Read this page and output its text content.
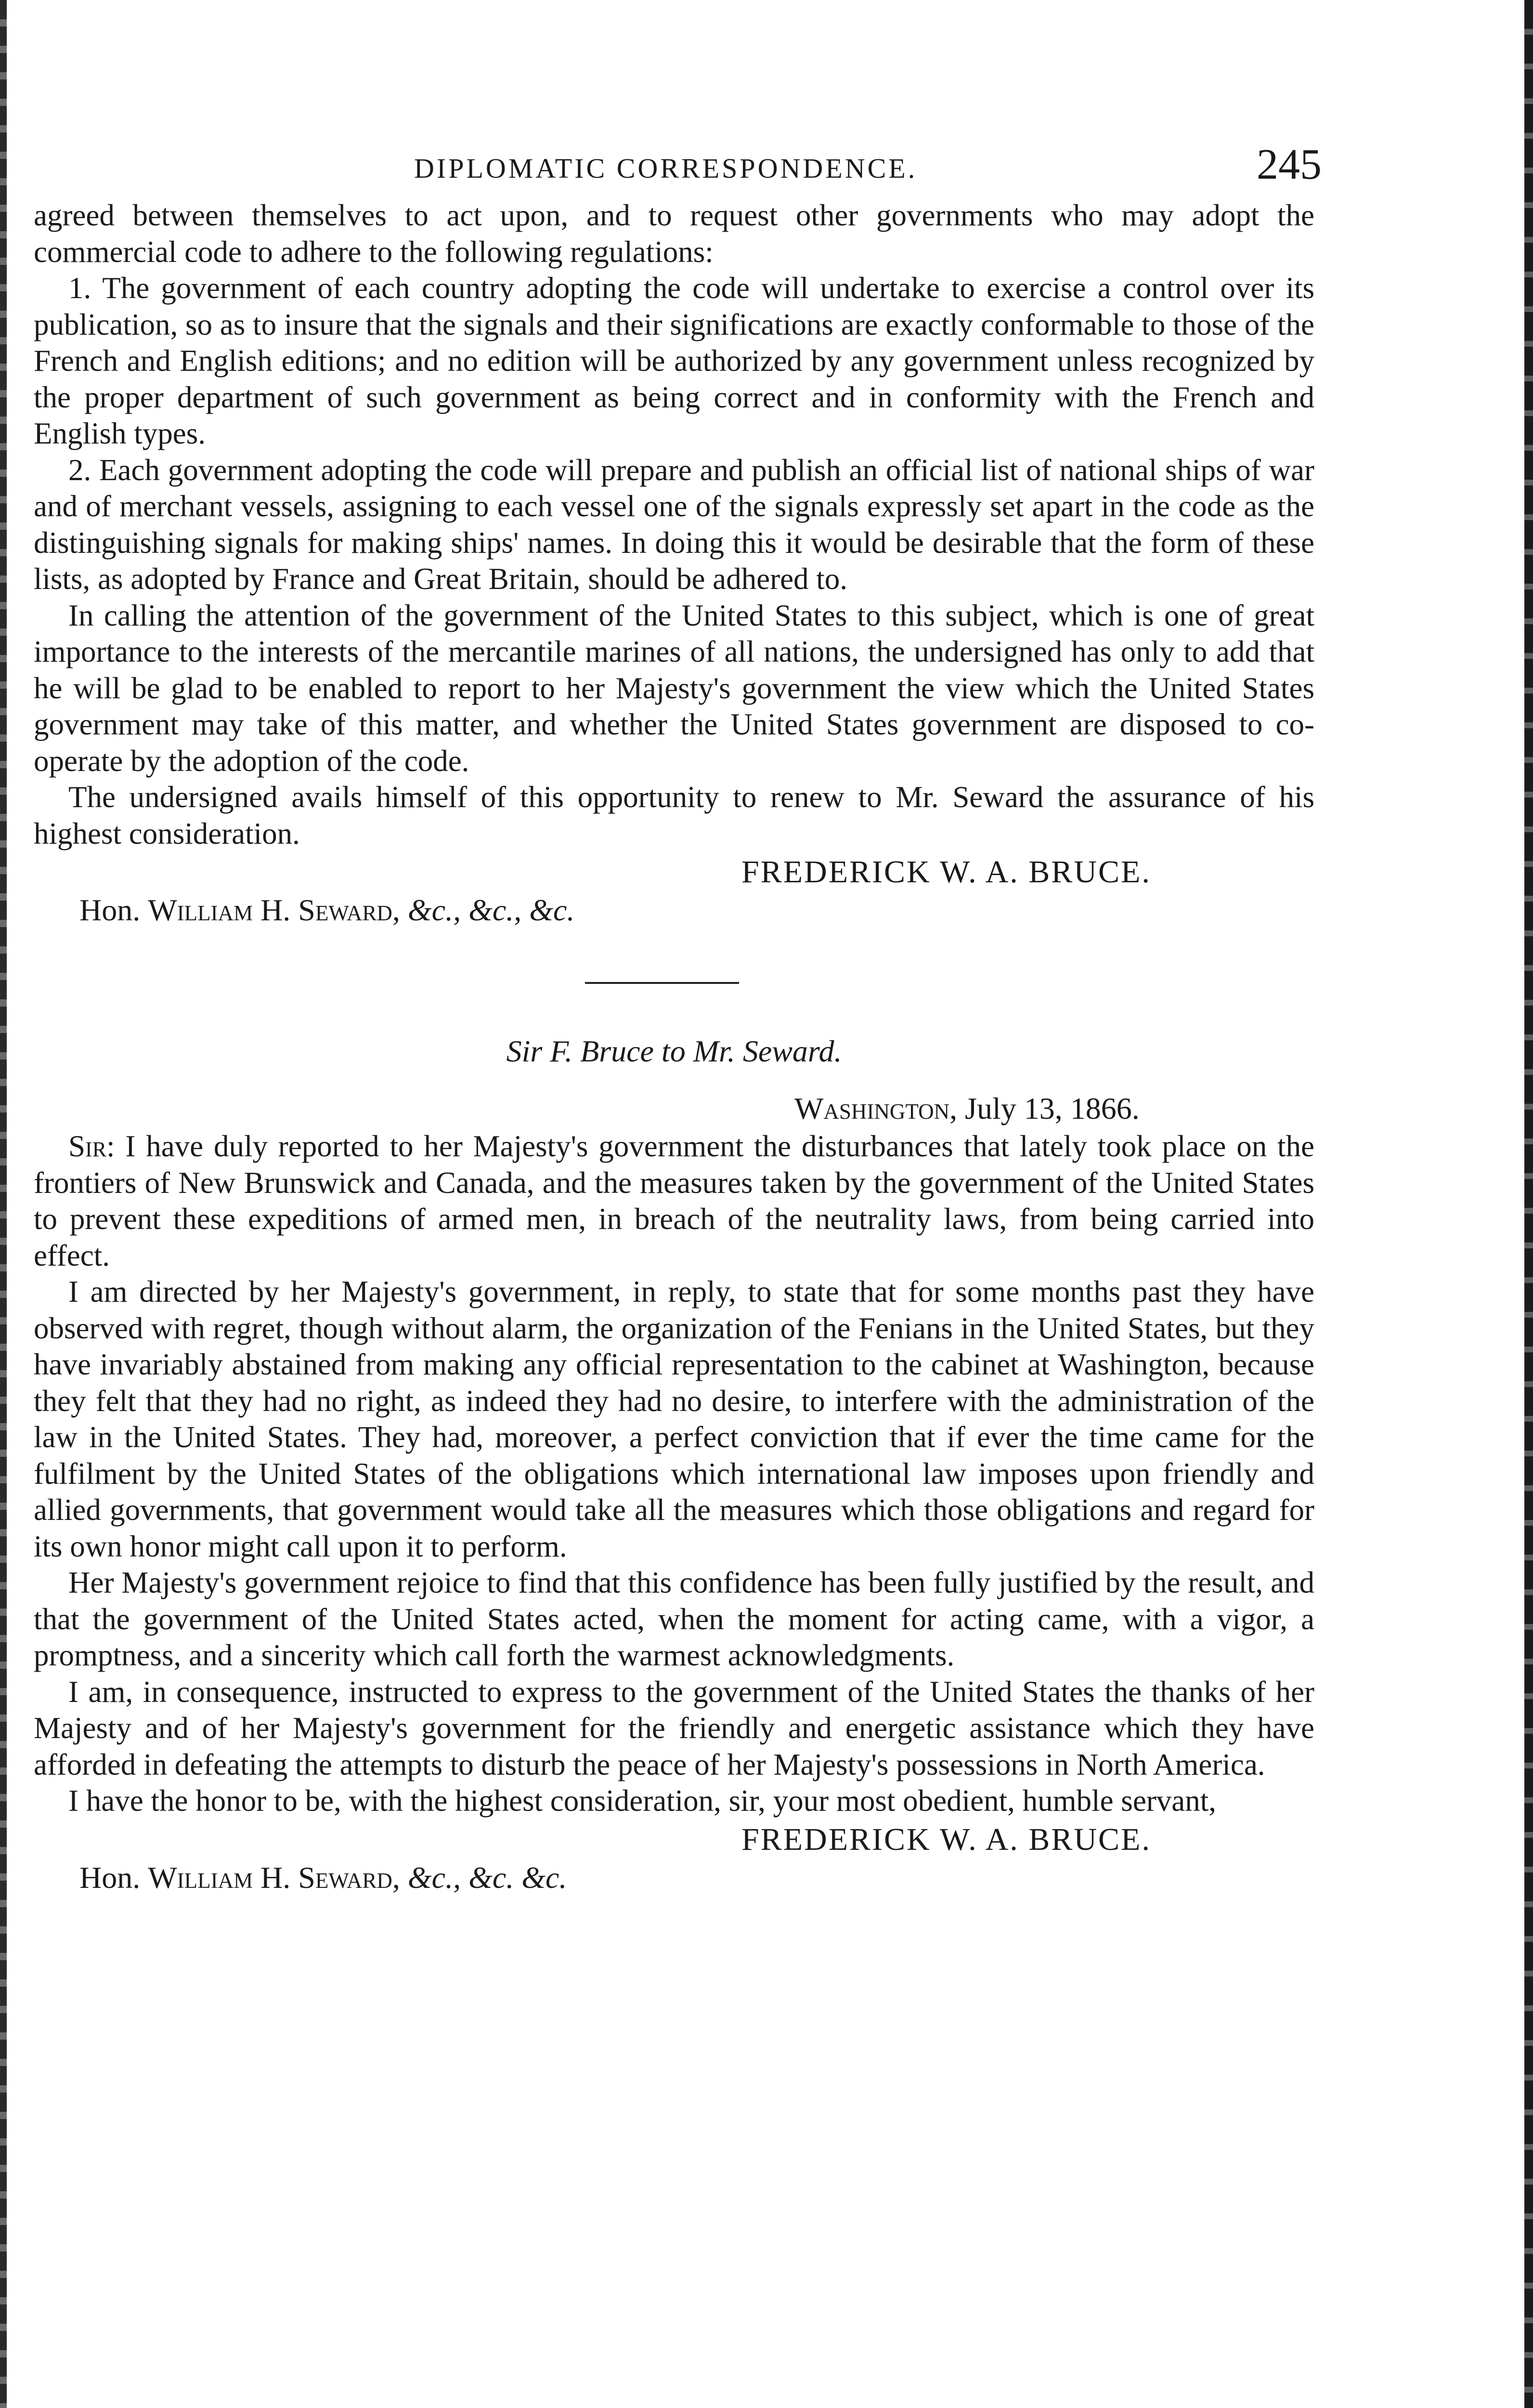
DIPLOMATIC CORRESPONDENCE.	245

agreed between themselves to act upon, and to request other governments who may adopt the commercial code to adhere to the following regulations:

1. The government of each country adopting the code will undertake to exercise a control over its publication, so as to insure that the signals and their significations are exactly conformable to those of the French and English editions; and no edition will be authorized by any government unless recognized by the proper department of such government as being correct and in conformity with the French and English types.

2. Each government adopting the code will prepare and publish an official list of national ships of war and of merchant vessels, assigning to each vessel one of the signals expressly set apart in the code as the distinguishing signals for making ships' names. In doing this it would be desirable that the form of these lists, as adopted by France and Great Britain, should be adhered to.

In calling the attention of the government of the United States to this subject, which is one of great importance to the interests of the mercantile marines of all nations, the undersigned has only to add that he will be glad to be enabled to report to her Majesty's government the view which the United States government may take of this matter, and whether the United States government are disposed to co-operate by the adoption of the code.

The undersigned avails himself of this opportunity to renew to Mr. Seward the assurance of his highest consideration.

FREDERICK W. A. BRUCE.
Hon. William H. Seward, &c., &c., &c.
Sir F. Bruce to Mr. Seward.
Washington, July 13, 1866.

Sir: I have duly reported to her Majesty's government the disturbances that lately took place on the frontiers of New Brunswick and Canada, and the measures taken by the government of the United States to prevent these expeditions of armed men, in breach of the neutrality laws, from being carried into effect.

I am directed by her Majesty's government, in reply, to state that for some months past they have observed with regret, though without alarm, the organization of the Fenians in the United States, but they have invariably abstained from making any official representation to the cabinet at Washington, because they felt that they had no right, as indeed they had no desire, to interfere with the administration of the law in the United States. They had, moreover, a perfect conviction that if ever the time came for the fulfilment by the United States of the obligations which international law imposes upon friendly and allied governments, that government would take all the measures which those obligations and regard for its own honor might call upon it to perform.

Her Majesty's government rejoice to find that this confidence has been fully justified by the result, and that the government of the United States acted, when the moment for acting came, with a vigor, a promptness, and a sincerity which call forth the warmest acknowledgments.

I am, in consequence, instructed to express to the government of the United States the thanks of her Majesty and of her Majesty's government for the friendly and energetic assistance which they have afforded in defeating the attempts to disturb the peace of her Majesty's possessions in North America.

I have the honor to be, with the highest consideration, sir, your most obedient, humble servant,

FREDERICK W. A. BRUCE.
Hon. William H. Seward, &c., &c. &c.
